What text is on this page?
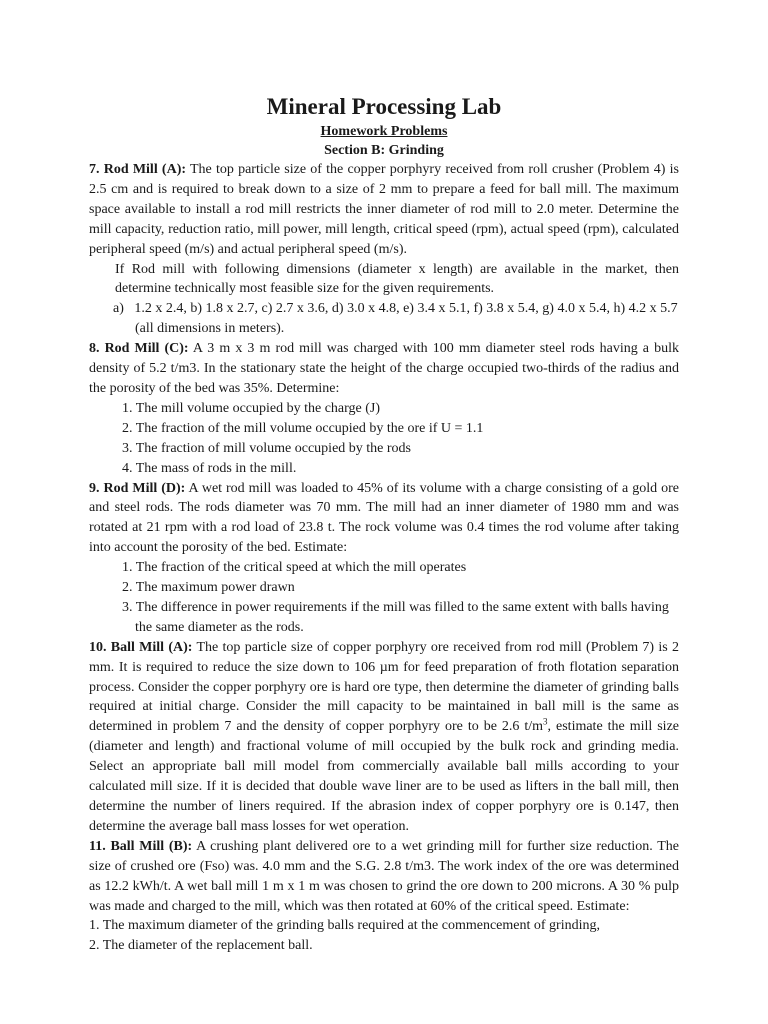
Mineral Processing Lab
Homework Problems
Section B: Grinding

7. Rod Mill (A): The top particle size of the copper porphyry received from roll crusher (Problem 4) is 2.5 cm and is required to break down to a size of 2 mm to prepare a feed for ball mill. The maximum space available to install a rod mill restricts the inner diameter of rod mill to 2.0 meter. Determine the mill capacity, reduction ratio, mill power, mill length, critical speed (rpm), actual speed (rpm), calculated peripheral speed (m/s) and actual peripheral speed (m/s).

If Rod mill with following dimensions (diameter x length) are available in the market, then determine technically most feasible size for the given requirements.

a)   1.2 x 2.4, b) 1.8 x 2.7, c) 2.7 x 3.6, d) 3.0 x 4.8, e) 3.4 x 5.1, f) 3.8 x 5.4, g) 4.0 x 5.4, h) 4.2 x 5.7 (all dimensions in meters).

8. Rod Mill (C): A 3 m x 3 m rod mill was charged with 100 mm diameter steel rods having a bulk density of 5.2 t/m3. In the stationary state the height of the charge occupied two-thirds of the radius and the porosity of the bed was 35%. Determine:

1. The mill volume occupied by the charge (J)
2. The fraction of the mill volume occupied by the ore if U = 1.1
3. The fraction of mill volume occupied by the rods
4. The mass of rods in the mill.

9. Rod Mill (D): A wet rod mill was loaded to 45% of its volume with a charge consisting of a gold ore and steel rods. The rods diameter was 70 mm. The mill had an inner diameter of 1980 mm and was rotated at 21 rpm with a rod load of 23.8 t. The rock volume was 0.4 times the rod volume after taking into account the porosity of the bed. Estimate:

1. The fraction of the critical speed at which the mill operates
2. The maximum power drawn
3. The difference in power requirements if the mill was filled to the same extent with balls having the same diameter as the rods.

10. Ball Mill (A): The top particle size of copper porphyry ore received from rod mill (Problem 7) is 2 mm. It is required to reduce the size down to 106 µm for feed preparation of froth flotation separation process. Consider the copper porphyry ore is hard ore type, then determine the diameter of grinding balls required at initial charge. Consider the mill capacity to be maintained in ball mill is the same as determined in problem 7 and the density of copper porphyry ore to be 2.6 $t/m^3$, estimate the mill size (diameter and length) and fractional volume of mill occupied by the bulk rock and grinding media. Select an appropriate ball mill model from commercially available ball mills according to your calculated mill size. If it is decided that double wave liner are to be used as lifters in the ball mill, then determine the number of liners required. If the abrasion index of copper porphyry ore is 0.147, then determine the average ball mass losses for wet operation.

11. Ball Mill (B): A crushing plant delivered ore to a wet grinding mill for further size reduction. The size of crushed ore (Fso) was. 4.0 mm and the S.G. 2.8 t/m3. The work index of the ore was determined as 12.2 kWh/t. A wet ball mill 1 m x 1 m was chosen to grind the ore down to 200 microns. A 30 % pulp was made and charged to the mill, which was then rotated at 60% of the critical speed. Estimate:

1. The maximum diameter of the grinding balls required at the commencement of grinding,
2. The diameter of the replacement ball.
